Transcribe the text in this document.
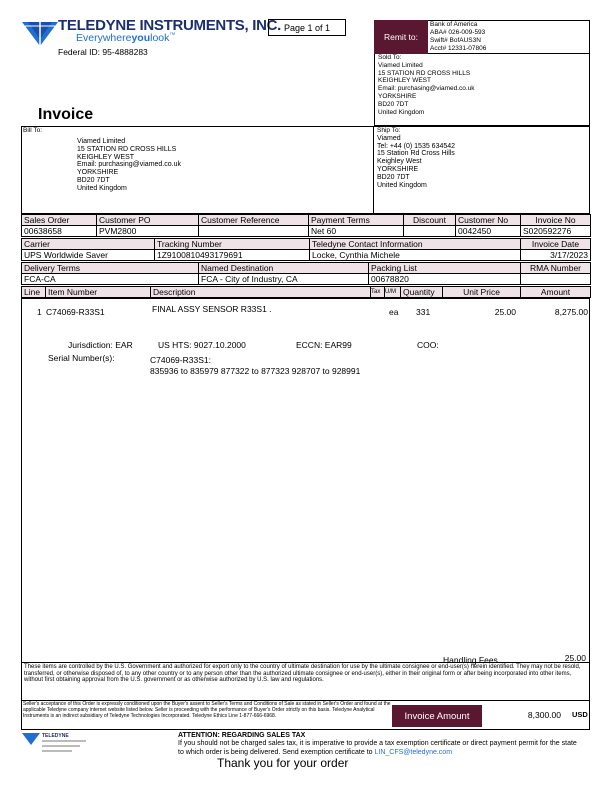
TELEDYNE INSTRUMENTS, INC.
Everywhereyoulook™
Federal ID: 95-4888283
Page 1 of 1
Remit to:
Bank of America
ABA# 026-009-593
Swift# BofAUS3N
Acct# 12331-07806
Sold To:
Viamed Limited
15 STATION RD CROSS HILLS
KEIGHLEY WEST
Email: purchasing@viamed.co.uk
YORKSHIRE
BD20 7DT
United Kingdom
Invoice
Bill To:
Viamed Limited
15 STATION RD CROSS HILLS
KEIGHLEY WEST
Email: purchasing@viamed.co.uk
YORKSHIRE
BD20 7DT
United Kingdom
Ship To:
Viamed
Tel: +44 (0) 1535 634542
15 Station Rd Cross Hills
Keighley West
YORKSHIRE
BD20 7DT
United Kingdom
Sales Order	Customer PO	Customer Reference	Payment Terms	Discount	Customer No	Invoice No
00638658	PVM2800		Net 60		0042450	S020592276
Carrier	Tracking Number	Teledyne Contact Information	Invoice Date
UPS Worldwide Saver	1Z9100810493179691	Locke, Cynthia Michele	3/17/2023
Delivery Terms	Named Destination	Packing List	RMA Number
FCA-CA	FCA - City of Industry, CA	00678820	
Line	Item Number	Description	Tax	U/M	Quantity	Unit Price	Amount
1 C74069-R33S1	FINAL ASSY SENSOR R33S1 .	ea 331	25.00	8,275.00
Jurisdiction: EAR	US HTS: 9027.10.2000	ECCN: EAR99	COO:
Serial Number(s):	C74069-R33S1:
835936 to 835979 877322 to 877323 928707 to 928991
Handling Fees	25.00
These items are controlled by the U.S. Government and authorized for export only to the country of ultimate destination for use by the ultimate consignee or end-user(s) herein identified. They may not be resold, transferred, or otherwise disposed of, to any other country or to any person other than the authorized ultimate consignee or end-user(s), either in their original form or after being incorporated into other items, without first obtaining approval from the U.S. government or as otherwise authorized by U.S. law and regulations.
Seller's acceptance of this Order is expressly conditioned upon the Buyer's assent to Seller's Terms and Conditions of Sale as stated in Seller's Order and found at the applicable Teledyne company internet website listed below. Seller is proceeding with the performance of Buyer's Order strictly on this basis. Teledyne Analytical Instruments is an indirect subsidiary of Teledyne Technologies Incorporated. Teledyne Ethics Line 1-877-666-6968.	Invoice Amount	8,300.00 USD
TELEDYNE	ATTENTION: REGARDING SALES TAX
If you should not be charged sales tax, it is imperative to provide a tax exemption certificate or direct payment permit for the state to which order is being delivered. Send exemption certificate to LIN_CFS@teledyne.com
Thank you for your order
